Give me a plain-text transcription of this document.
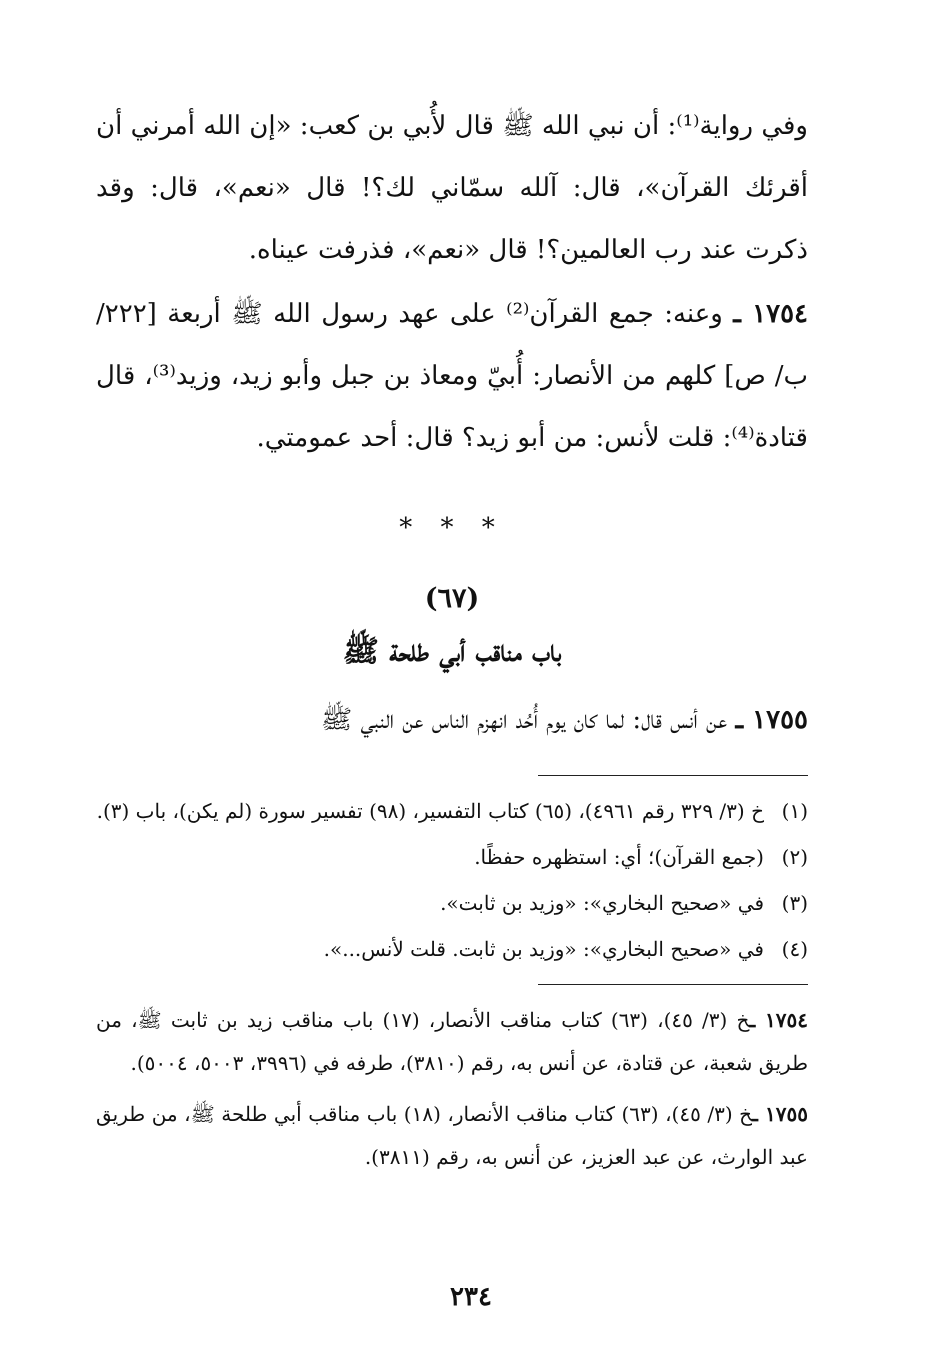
وفي رواية⁽¹⁾: أن نبي الله ﷺ قال لأُبي بن كعب: «إن الله أمرني أن أقرئك القرآن»، قال: آلله سمّاني لك؟! قال «نعم»، قال: وقد ذكرت عند رب العالمين؟! قال «نعم»، فذرفت عيناه.

١٧٥٤ ـ وعنه: جمع القرآن⁽²⁾ على عهد رسول الله ﷺ أربعة [٢٢٢/ ب/ ص] كلهم من الأنصار: أُبيّ ومعاذ بن جبل وأبو زيد، وزيد⁽³⁾، قال قتادة⁽⁴⁾: قلت لأنس: من أبو زيد؟ قال: أحد عمومتي.

* * *
(٦٧)
باب مناقب أبي طلحة ﷺ

١٧٥٥ ـ عن أنس قال: لما كان يوم أُحُد انهزم الناس عن النبي ﷺ

(١)خ (٣/ ٣٢٩ رقم ٤٩٦١)، (٦٥) كتاب التفسير، (٩٨) تفسير سورة (لم يكن)، باب (٣).

(٢)(جمع القرآن)؛ أي: استظهره حفظًا.

(٣)في «صحيح البخاري»: «وزيد بن ثابت».

(٤)في «صحيح البخاري»: «وزيد بن ثابت. قلت لأنس...».

١٧٥٤ ـخ (٣/ ٤٥)، (٦٣) كتاب مناقب الأنصار، (١٧) باب مناقب زيد بن ثابت ﷺ، من طريق شعبة، عن قتادة، عن أنس به، رقم (٣٨١٠)، طرفه في (٣٩٩٦، ٥٠٠٣، ٥٠٠٤).

١٧٥٥ ـخ (٣/ ٤٥)، (٦٣) كتاب مناقب الأنصار، (١٨) باب مناقب أبي طلحة ﷺ، من طريق عبد الوارث، عن عبد العزيز، عن أنس به، رقم (٣٨١١).

٢٣٤
